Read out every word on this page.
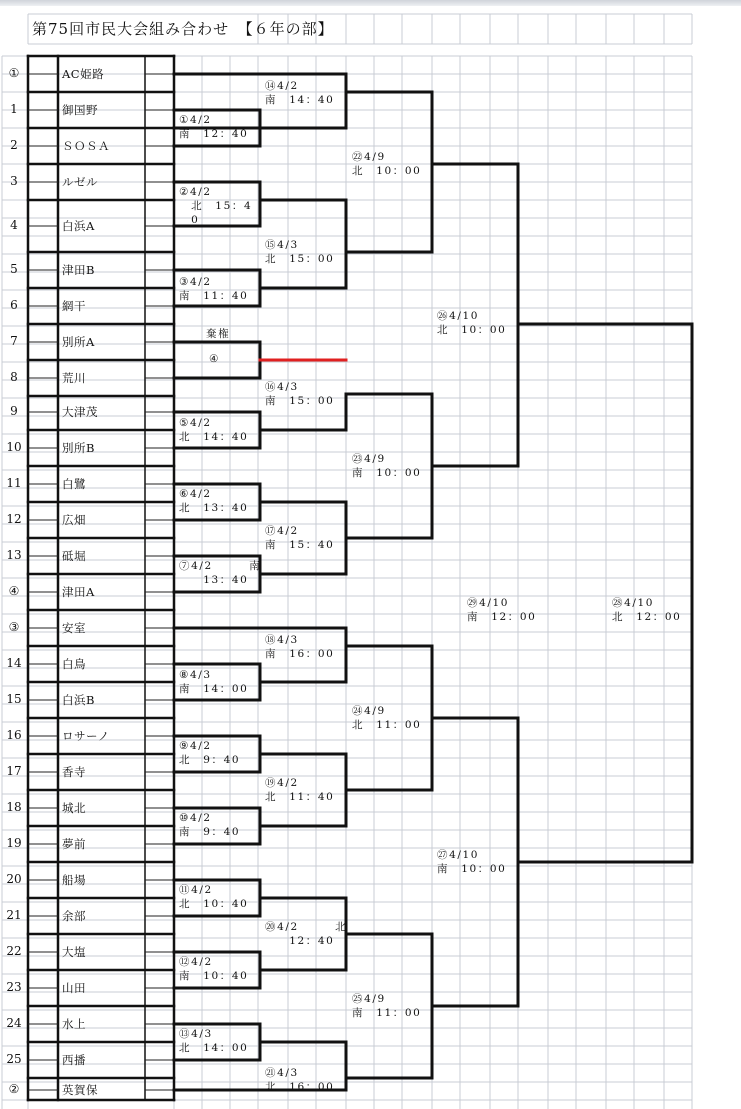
第75回市民大会組み合わせ　【６年の部】
①	AC姫路
1	御国野
2	ＳＯＳＡ
3	ルゼル
4	白浜A
5	津田B
6	網干
7	別所A
8	荒川
9	大津茂
10	別所B
11	白鷺
12	広畑
13	砥堀
④	津田A
③	安室
14	白鳥
15	白浜B
16	ロサーノ
17	香寺
18	城北
19	夢前
20	船場
21	余部
22	大塩
23	山田
24	水上
25	西播
②	英賀保
①4/2
南　12：40
②4/2
　北　15：4
　0
③4/2
南　11：40
④
棄権
⑤4/2
北　14：40
⑥4/2
北　13：40
⑦4/2　　　南
　　13：40
⑧4/3
南　14：00
⑨4/2
北　9：40
⑩4/2
南　9：40
⑪4/2
北　10：40
⑫4/2
南　10：40
⑬4/3
北　14：00
⑭4/2
南　14：40
⑮4/3
北　15：00
⑯4/3
南　15：00
⑰4/2
南　15：40
⑱4/3
南　16：00
⑲4/2
北　11：40
⑳4/2　　　北
　　12：40
㉑4/3
北　16：00
㉒4/9
北　10：00
㉓4/9
南　10：00
㉔4/9
北　11：00
㉕4/9
南　11：00
㉖4/10
北　10：00
㉗4/10
南　10：00
㉘4/10
北　12：00
㉙4/10
南　12：00
